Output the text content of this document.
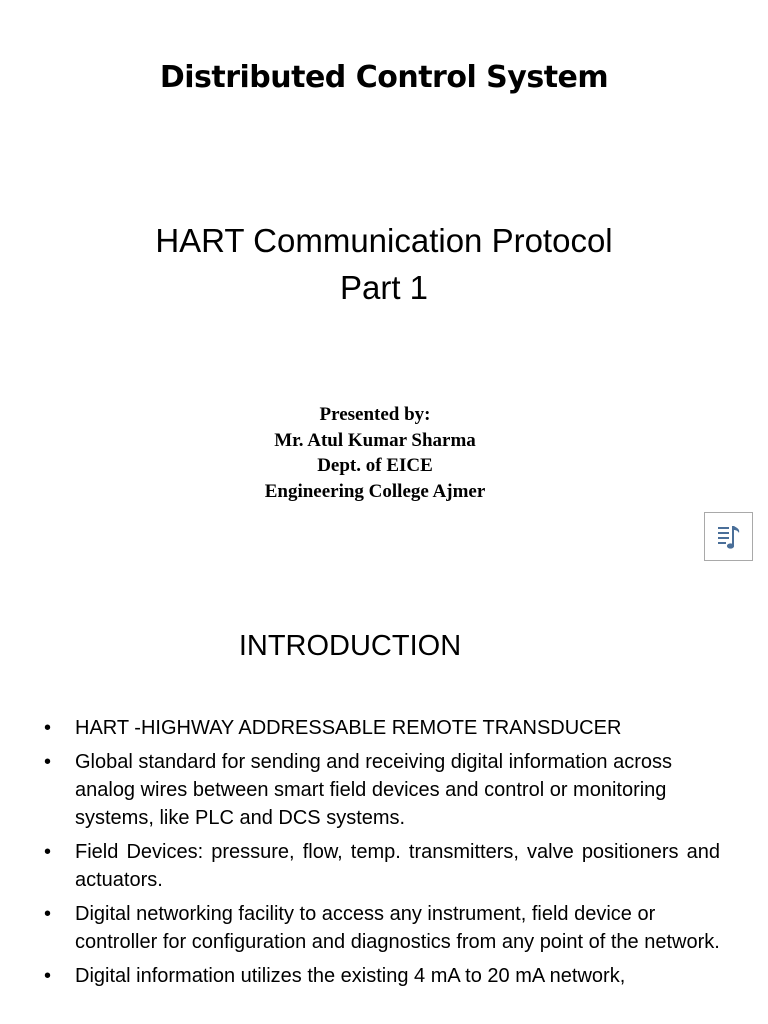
Distributed Control System
HART Communication Protocol
Part 1
Presented by:
Mr. Atul Kumar Sharma
Dept. of EICE
Engineering College Ajmer
INTRODUCTION
• HART -HIGHWAY ADDRESSABLE REMOTE TRANSDUCER
• Global standard for sending and receiving digital information across analog wires between smart field devices and control or monitoring systems, like PLC and DCS systems.
• Field Devices: pressure, flow, temp. transmitters, valve positioners and actuators.
• Digital networking facility to access any instrument, field device or controller for configuration and diagnostics from any point of the network.
• Digital information utilizes the existing 4 mA to 20 mA network,
